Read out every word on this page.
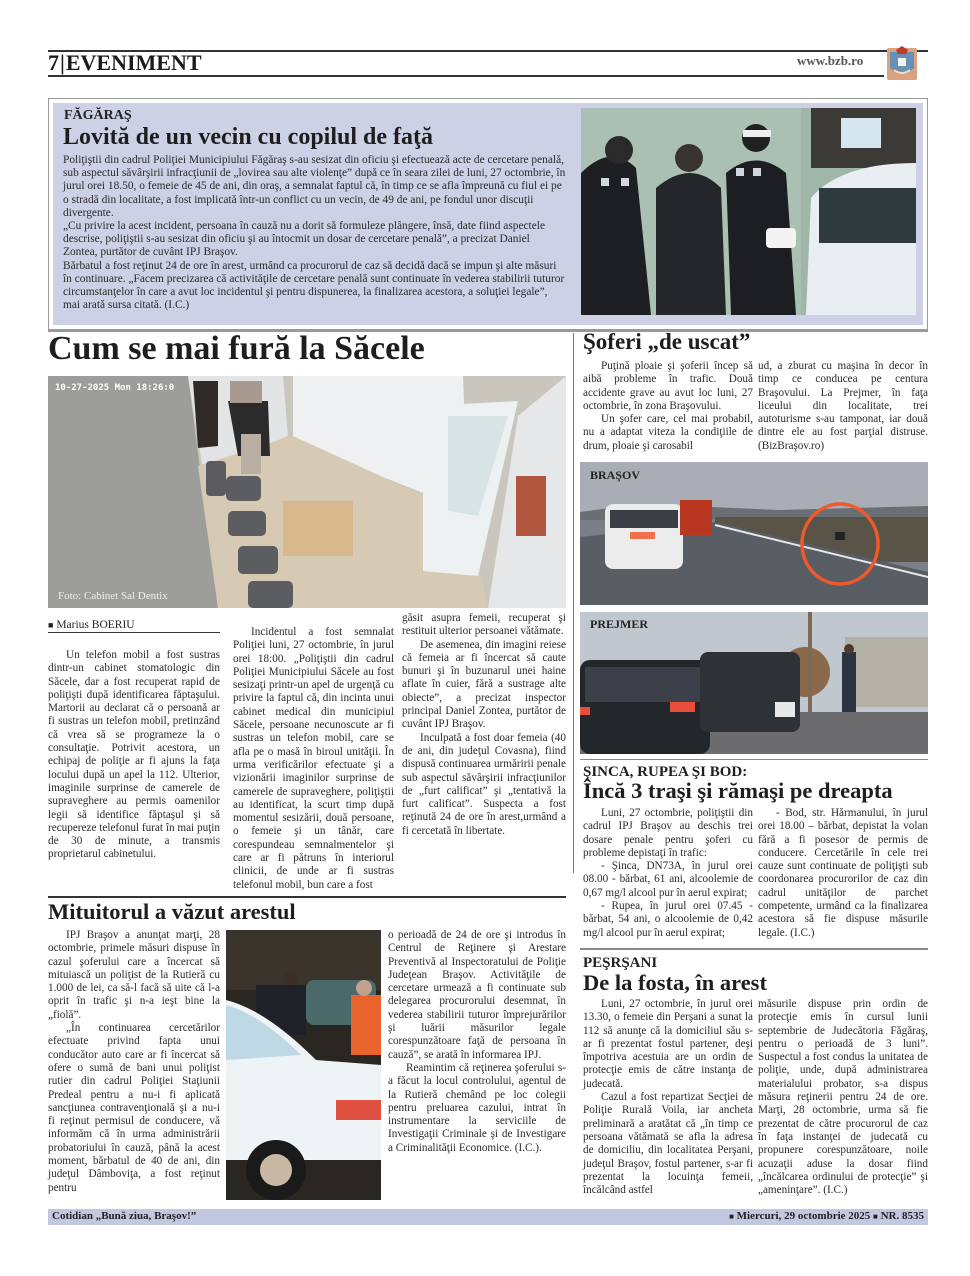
7|EVENIMENT	www.bzb.ro
FĂGĂRAŞ
Lovită de un vecin cu copilul de faţă

Poliţiştii din cadrul Poliţiei Municipiului Făgăraş s-au sesizat din oficiu şi efectuează acte de cercetare penală, sub aspectul săvârşirii infracţiunii de „lovirea sau alte violenţe” după ce în seara zilei de luni, 27 octombrie, în jurul orei 18.50, o femeie de 45 de ani, din oraş, a semnalat faptul că, în timp ce se afla împreună cu fiul ei pe o stradă din localitate, a fost implicată într-un conflict cu un vecin, de 49 de ani, pe fondul unor discuţii divergente.

„Cu privire la acest incident, persoana în cauză nu a dorit să formuleze plângere, însă, date fiind aspectele descrise, poliţiştii s-au sesizat din oficiu şi au întocmit un dosar de cercetare penală”, a precizat Daniel Zontea, purtător de cuvânt IPJ Braşov.

Bărbatul a fost reţinut 24 de ore în arest, urmând ca procurorul de caz să decidă dacă se impun şi alte măsuri în continuare. „Facem precizarea că activităţile de cercetare penală sunt continuate în vederea stabilirii tuturor circumstanţelor în care a avut loc incidentul şi pentru dispunerea, la finalizarea acestora, a soluţiei legale”, mai arată sursa citată. (I.C.)

Cum se mai fură la Săcele
10-27-2025 Mon 18:26:0
Foto: Cabinet Sal Dentix
■ Marius BOERIU

Un telefon mobil a fost sustras dintr-un cabinet stomatologic din Săcele, dar a fost recuperat rapid de poliţişti după identificarea făptaşului. Martorii au declarat că o persoană ar fi sustras un telefon mobil, pretinzând că vrea să se programeze la o consultaţie. Potrivit acestora, un echipaj de poliţie ar fi ajuns la faţa locului după un apel la 112. Ulterior, imaginile surprinse de camerele de supraveghere au permis oamenilor legii să identifice făptaşul şi să recupereze telefonul furat în mai puţin de 30 de minute, a transmis proprietarul cabinetului.

Incidentul a fost semnalat Poliţiei luni, 27 octombrie, în jurul orei 18:00. „Poliţiştii din cadrul Poliţiei Municipiului Săcele au fost sesizaţi printr-un apel de urgenţă cu privire la faptul că, din incinta unui cabinet medical din municipiul Săcele, persoane necunoscute ar fi sustras un telefon mobil, care se afla pe o masă în biroul unităţii. În urma verificărilor efectuate şi a vizionării imaginilor surprinse de camerele de supraveghere, poliţiştii au identificat, la scurt timp după momentul sesizării, două persoane, o femeie şi un tânăr, care corespundeau semnalmentelor şi care ar fi pătruns în interiorul clinicii, de unde ar fi sustras telefonul mobil, bun care a fost

găsit asupra femeii, recuperat şi restituit ulterior persoanei vătămate.

De asemenea, din imagini reiese că femeia ar fi încercat să caute bunuri şi în buzunarul unei haine aflate în cuier, fără a sustrage alte obiecte”, a precizat inspector principal Daniel Zontea, purtător de cuvânt IPJ Braşov.

Inculpată a fost doar femeia (40 de ani, din judeţul Covasna), fiind dispusă continuarea urmăririi penale sub aspectul săvârşirii infracţiunilor de „furt calificat” şi „tentativă la furt calificat”. Suspecta a fost reţinută 24 de ore în arest,urmând a fi cercetată în libertate.

Şoferi „de uscat”

Puţină ploaie şi şoferii încep să aibă probleme în trafic. Două accidente grave au avut loc luni, 27 octombrie, în zona Braşovului.

Un şofer care, cel mai probabil, nu a adaptat viteza la condiţiile de drum, ploaie şi carosabil

ud, a zburat cu maşina în decor în timp ce conducea pe centura Braşovului. La Prejmer, în faţa liceului din localitate, trei autoturisme s-au tamponat, iar două dintre ele au fost parţial distruse. (BizBraşov.ro)

BRAŞOV
PREJMER
ŞINCA, RUPEA ŞI BOD:
Încă 3 traşi şi rămaşi pe dreapta

Luni, 27 octombrie, poliţiştii din cadrul IPJ Braşov au deschis trei dosare penale pentru şoferi cu probleme depistaţi în trafic:

- Şinca, DN73A, în jurul orei 08.00 - bărbat, 61 ani, alcoolemie de 0,67 mg/l alcool pur în aerul expirat;

- Rupea, în jurul orei 07.45 - bărbat, 54 ani, o alcoolemie de 0,42 mg/l alcool pur în aerul expirat;

- Bod, str. Hărmanului, în jurul orei 18.00 – bărbat, depistat la volan fără a fi posesor de permis de conducere. Cercetările în cele trei cauze sunt continuate de poliţişti sub coordonarea procurorilor de caz din cadrul unităţilor de parchet competente, urmând ca la finalizarea acestora să fie dispuse măsurile legale. (I.C.)

PEŞRŞANI
De la fosta, în arest

Luni, 27 octombrie, în jurul orei 13.30, o femeie din Perşani a sunat la 112 să anunţe că la domiciliul său s-ar fi prezentat fostul partener, deşi împotriva acestuia are un ordin de protecţie emis de către instanţa de judecată.

Cazul a fost repartizat Secţiei de Poliţie Rurală Voila, iar ancheta preliminară a aratătat că „în timp ce persoana vătămată se afla la adresa de domiciliu, din localitatea Perşani, judeţul Braşov, fostul partener, s-ar fi prezentat la locuinţa femeii, încălcând astfel

măsurile dispuse prin ordin de protecţie emis în cursul lunii septembrie de Judecătoria Făgăraş, pentru o perioadă de 3 luni”. Suspectul a fost condus la unitatea de poliţie, unde, după administrarea materialului probator, s-a dispus măsura reţinerii pentru 24 de ore. Marţi, 28 octombrie, urma să fie prezentat de către procurorul de caz în faţa instanţei de judecată cu propunere corespunzătoare, noile acuzaţii aduse la dosar fiind „încălcarea ordinului de protecţie” şi „ameninţare”. (I.C.)

Mituitorul a văzut arestul

IPJ Braşov a anunţat marţi, 28 octombrie, primele măsuri dispuse în cazul şoferului care a încercat să mituiască un poliţist de la Rutieră cu 1.000 de lei, ca să-l facă să uite că l-a oprit în trafic şi n-a ieşt bine la „fiolă”.

„În continuarea cercetărilor efectuate privind fapta unui conducător auto care ar fi încercat să ofere o sumă de bani unui poliţist rutier din cadrul Poliţiei Staţiunii Predeal pentru a nu-i fi aplicată sancţiunea contravenţională şi a nu-i fi reţinut permisul de conducere, vă informăm că în urma administrării probatoriului în cauză, până la acest moment, bărbatul de 40 de ani, din judeţul Dâmboviţa, a fost reţinut pentru

o perioadă de 24 de ore şi introdus în Centrul de Reţinere şi Arestare Preventivă al Inspectoratului de Poliţie Judeţean Braşov. Activităţile de cercetare urmează a fi continuate sub delegarea procurorului desemnat, în vederea stabilirii tuturor împrejurărilor şi luării măsurilor legale corespunzătoare faţă de persoana în cauză”, se arată în informarea IPJ.

Reamintim că reţinerea şoferului s-a făcut la locul controlului, agentul de la Rutieră chemând pe loc colegii pentru preluarea cazului, intrat în instrumentare la serviciile de Investigaţii Criminale şi de Investigare a Criminalităţii Economice. (I.C.).

Cotidian „Bună ziua, Braşov!”	■ Miercuri, 29 octombrie 2025 ■ NR. 8535
